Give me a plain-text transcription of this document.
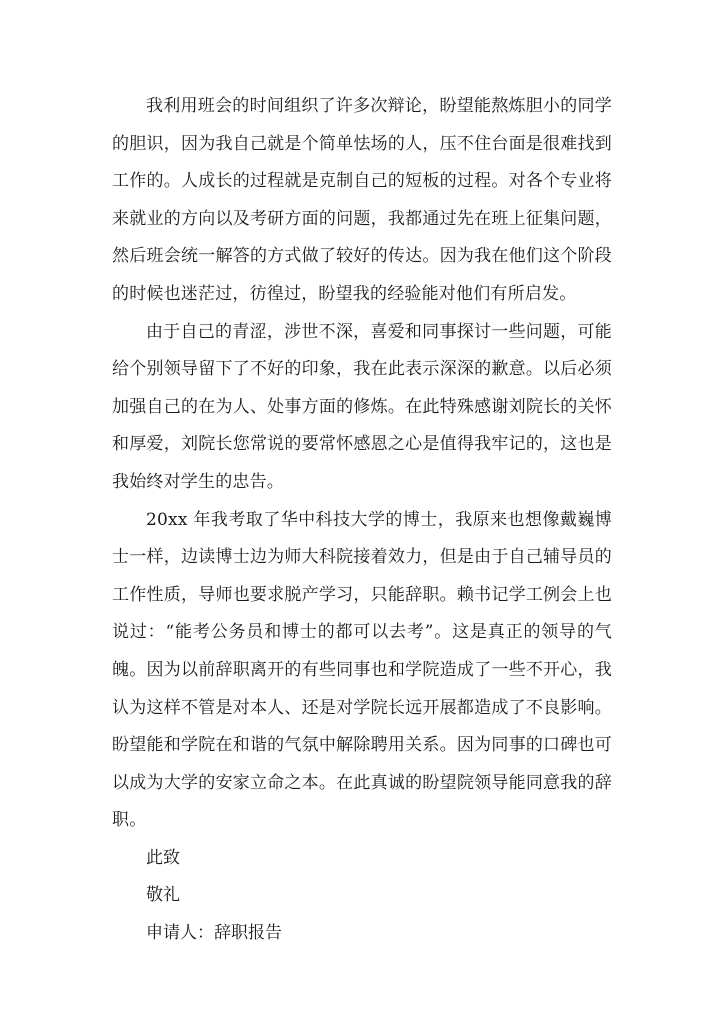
我利用班会的时间组织了许多次辩论，盼望能熬炼胆小的同学的胆识，因为我自己就是个简单怯场的人，压不住台面是很难找到工作的。人成长的过程就是克制自己的短板的过程。对各个专业将来就业的方向以及考研方面的问题，我都通过先在班上征集问题，然后班会统一解答的方式做了较好的传达。因为我在他们这个阶段的时候也迷茫过，彷徨过，盼望我的经验能对他们有所启发。

由于自己的青涩，涉世不深，喜爱和同事探讨一些问题，可能给个别领导留下了不好的印象，我在此表示深深的歉意。以后必须加强自己的在为人、处事方面的修炼。在此特殊感谢刘院长的关怀和厚爱，刘院长您常说的要常怀感恩之心是值得我牢记的，这也是我始终对学生的忠告。

20xx 年我考取了华中科技大学的博士，我原来也想像戴巍博士一样，边读博士边为师大科院接着效力，但是由于自己辅导员的工作性质，导师也要求脱产学习，只能辞职。赖书记学工例会上也说过：“能考公务员和博士的都可以去考”。这是真正的领导的气魄。因为以前辞职离开的有些同事也和学院造成了一些不开心，我认为这样不管是对本人、还是对学院长远开展都造成了不良影响。盼望能和学院在和谐的气氛中解除聘用关系。因为同事的口碑也可以成为大学的安家立命之本。在此真诚的盼望院领导能同意我的辞职。

此致

敬礼

申请人：辞职报告
